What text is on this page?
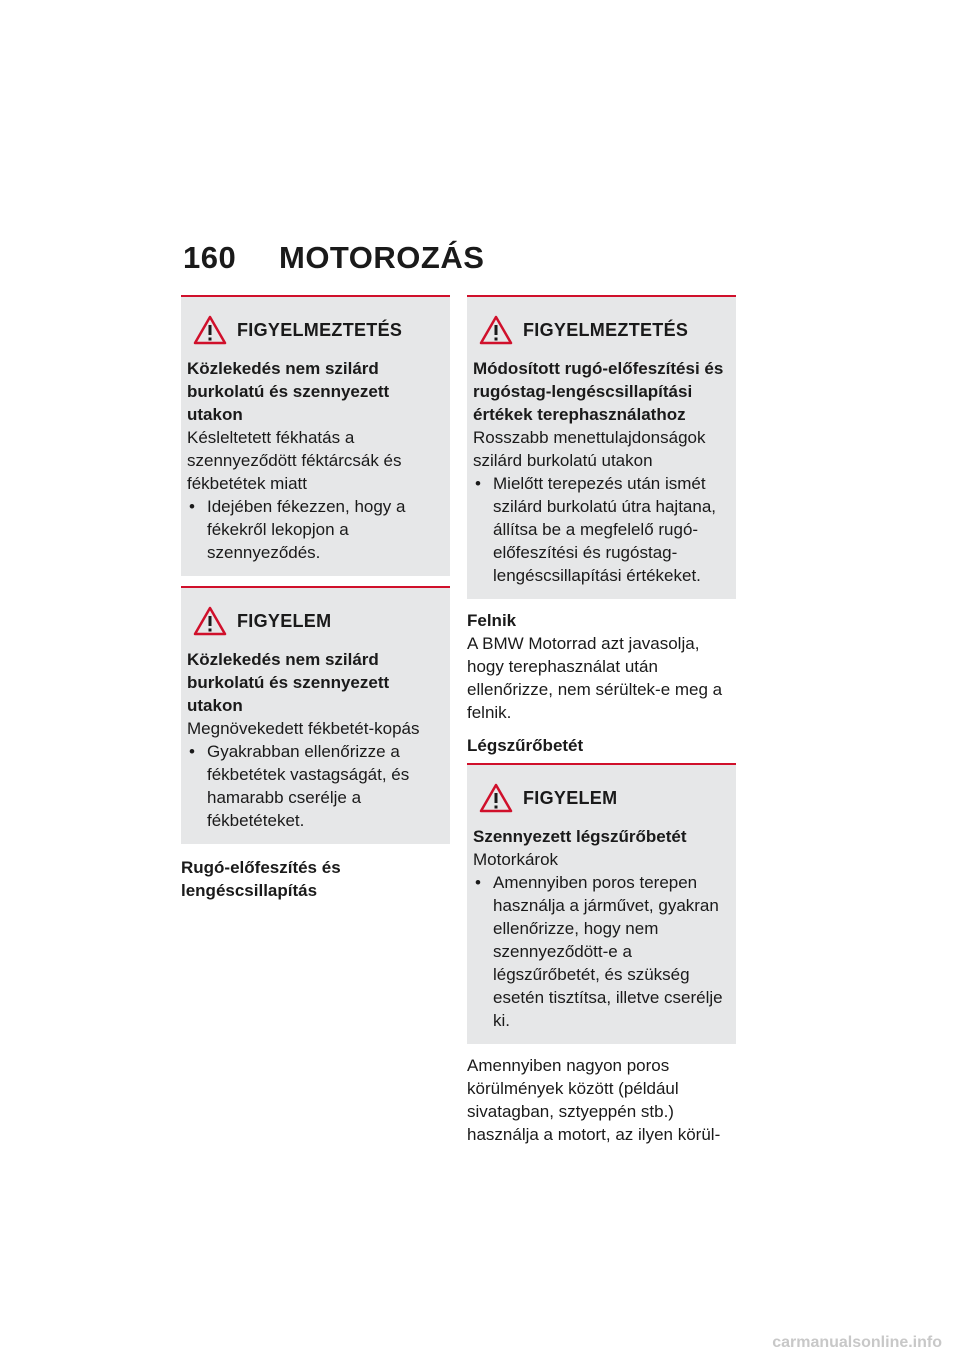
160 MOTOROZÁS
FIGYELMEZTETÉS

Közlekedés nem szilárd burkolatú és szennyezett utakon

Késleltetett fékhatás a szennyeződött féktárcsák és fékbetétek miatt

• Idejében fékezzen, hogy a fékekről lekopjon a szennyeződés.
FIGYELEM

Közlekedés nem szilárd burkolatú és szennyezett utakon

Megnövekedett fékbetét-kopás

• Gyakrabban ellenőrizze a fékbetétek vastagságát, és hamarabb cserélje a fékbetéteket.

Rugó-előfeszítés és lengéscsillapítás

FIGYELMEZTETÉS

Módosított rugó-előfeszítési és rugóstag-lengéscsillapítási értékek terephasználathoz

Rosszabb menettulajdonságok szilárd burkolatú utakon

• Mielőtt terepezés után ismét szilárd burkolatú útra hajtana, állítsa be a megfelelő rugó-előfeszítési és rugóstag-lengéscsillapítási értékeket.

Felnik

A BMW Motorrad azt javasolja, hogy terephasználat után ellenőrizze, nem sérültek-e meg a felnik.

Légszűrőbetét

FIGYELEM

Szennyezett légszűrőbetét

Motorkárok

• Amennyiben poros terepen használja a járművet, gyakran ellenőrizze, hogy nem szennyeződött-e a légszűrőbetét, és szükség esetén tisztítsa, illetve cserélje ki.

Amennyiben nagyon poros körülmények között (például sivatagban, sztyeppén stb.) használja a motort, az ilyen körül-

carmanualsonline.info
